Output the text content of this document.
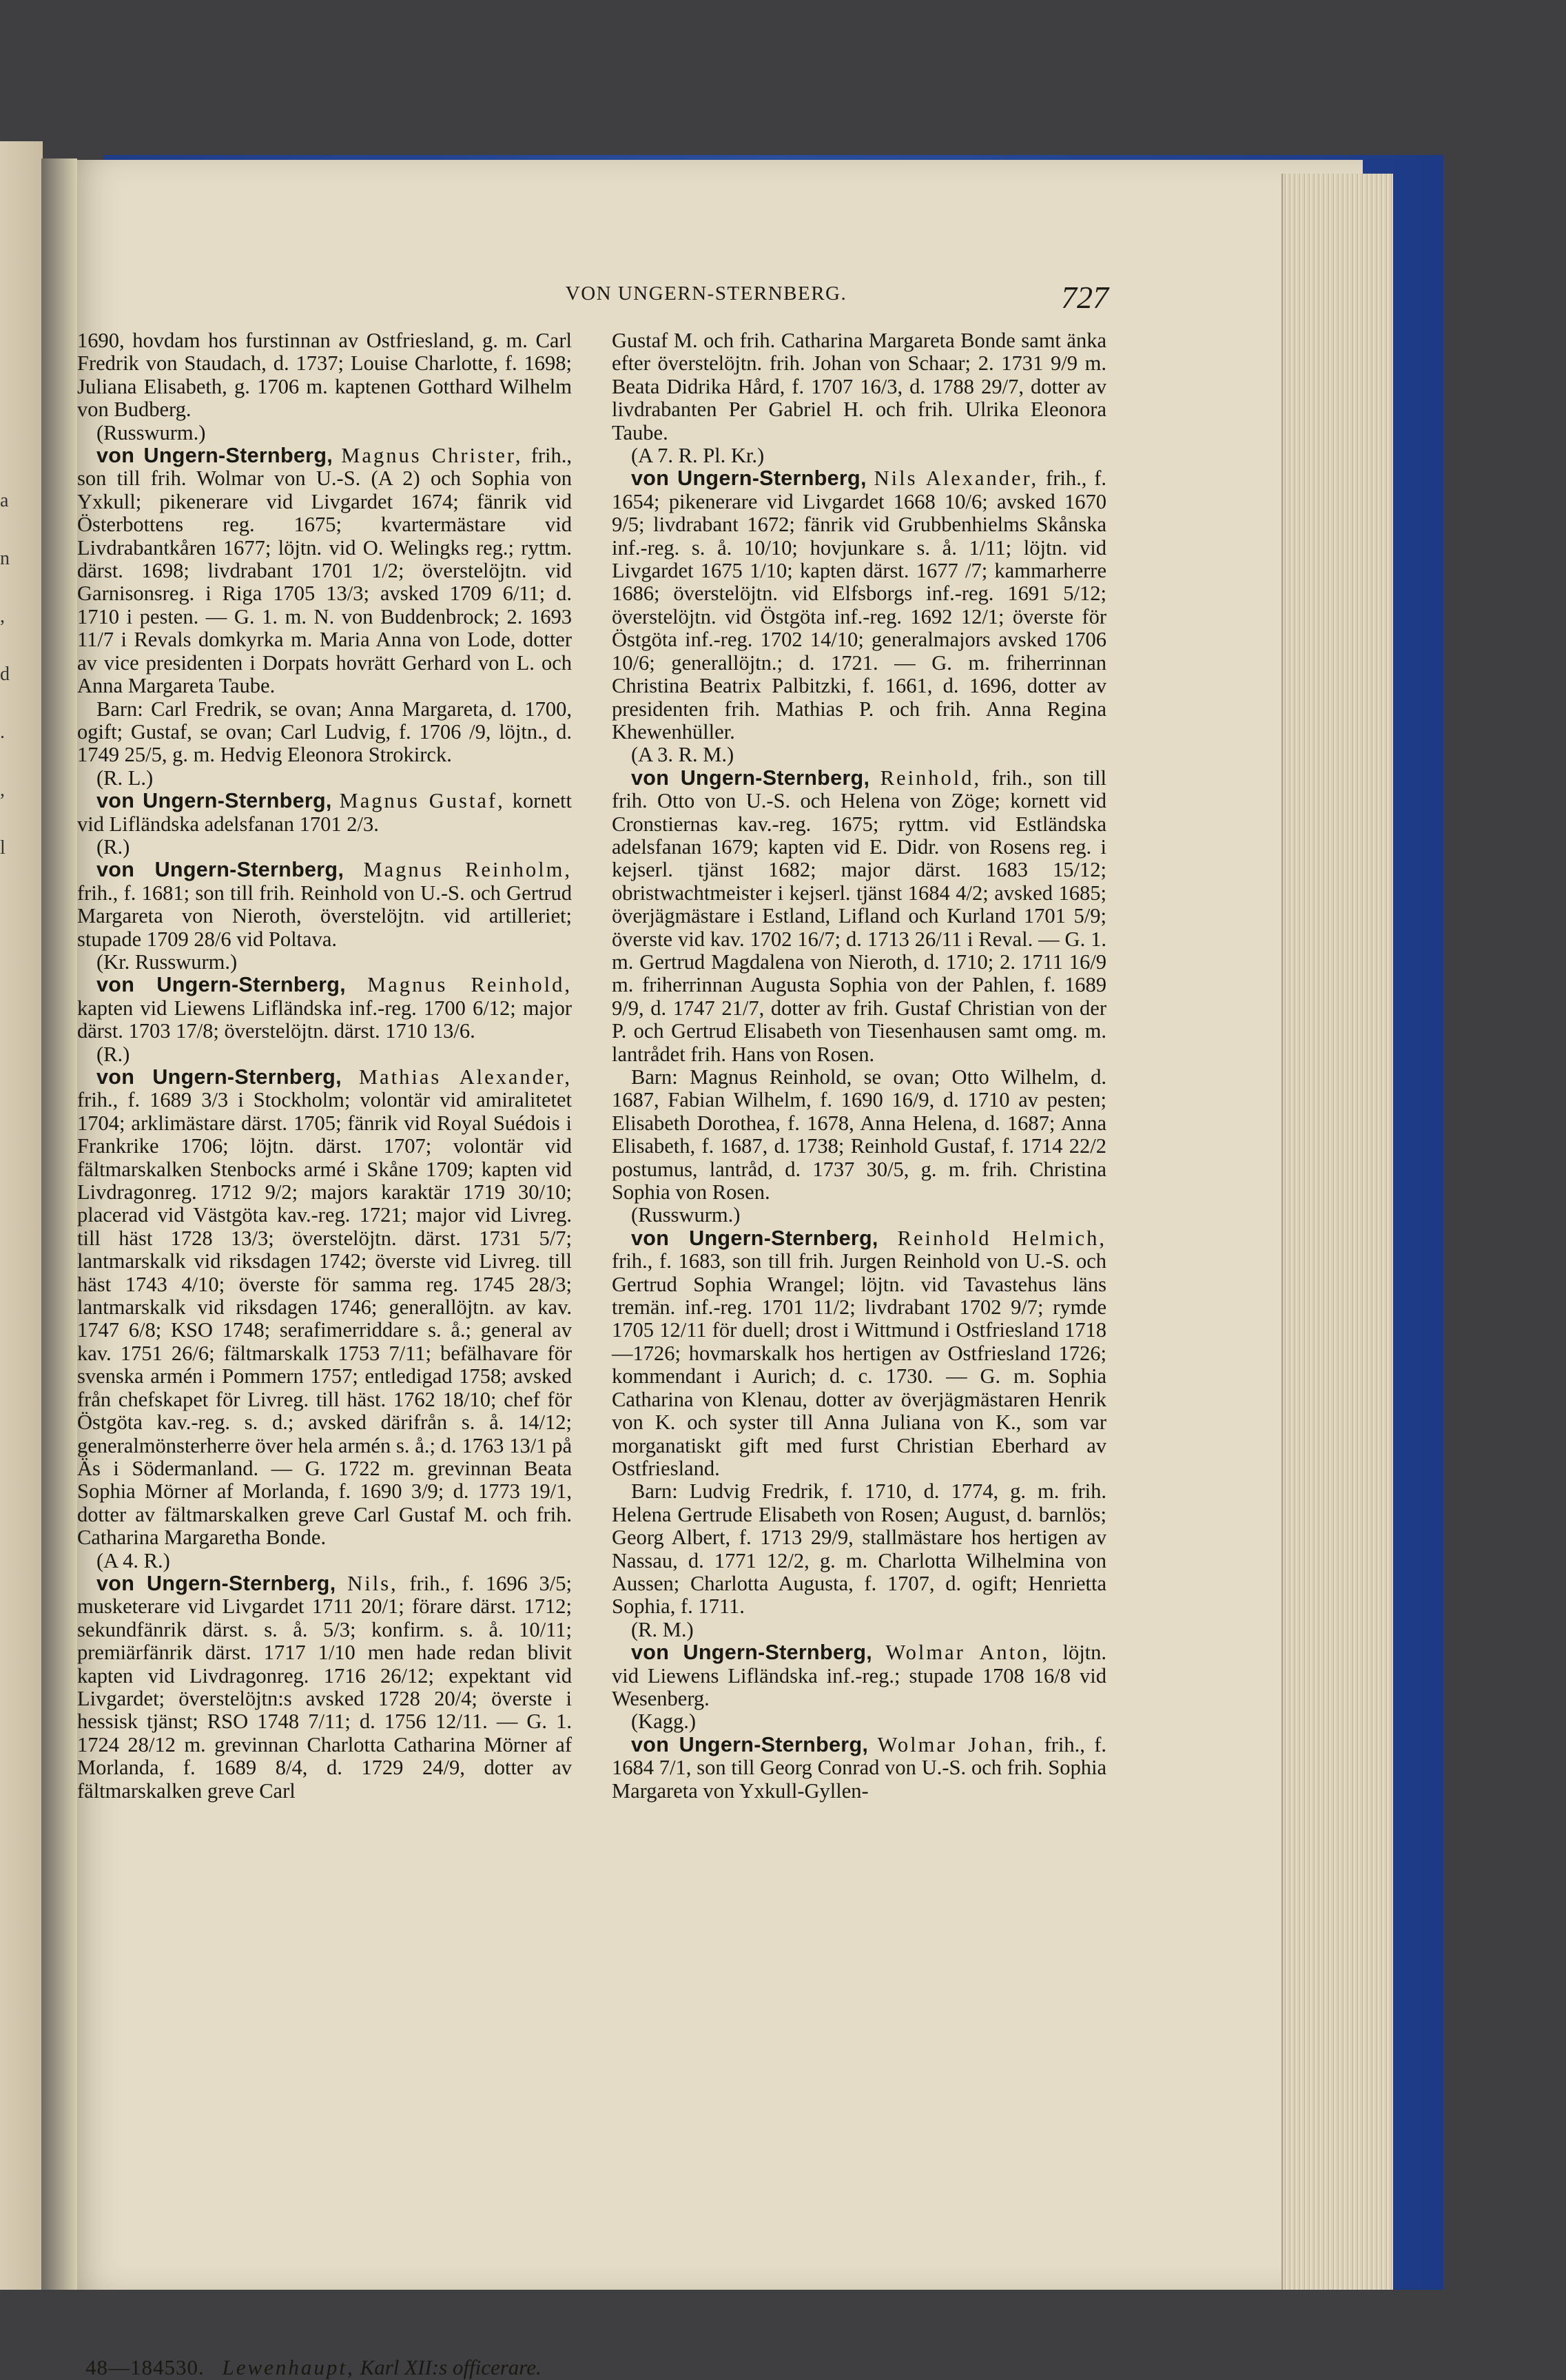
a
n
,
d
.
,
l
VON UNGERN-STERNBERG.	727

1690, hovdam hos furstinnan av Ostfriesland, g. m. Carl Fredrik von Staudach, d. 1737; Louise Charlotte, f. 1698; Juliana Elisabeth, g. 1706 m. kaptenen Gotthard Wilhelm von Budberg.

(Russwurm.)

von Ungern-Sternberg, Magnus Christer, frih., son till frih. Wolmar von U.-S. (A 2) och Sophia von Yxkull; pikenerare vid Livgardet 1674; fänrik vid Österbottens reg. 1675; kvartermästare vid Livdrabantkåren 1677; löjtn. vid O. Welingks reg.; ryttm. därst. 1698; livdrabant 1701 1/2; överstelöjtn. vid Garnisonsreg. i Riga 1705 13/3; avsked 1709 6/11; d. 1710 i pesten. — G. 1. m. N. von Buddenbrock; 2. 1693 11/7 i Revals domkyrka m. Maria Anna von Lode, dotter av vice presidenten i Dorpats hovrätt Gerhard von L. och Anna Margareta Taube.

Barn: Carl Fredrik, se ovan; Anna Margareta, d. 1700, ogift; Gustaf, se ovan; Carl Ludvig, f. 1706 /9, löjtn., d. 1749 25/5, g. m. Hedvig Eleonora Strokirck.

(R. L.)

von Ungern-Sternberg, Magnus Gustaf, kornett vid Lifländska adelsfanan 1701 2/3.

(R.)

von Ungern-Sternberg, Magnus Reinholm, frih., f. 1681; son till frih. Reinhold von U.-S. och Gertrud Margareta von Nieroth, överstelöjtn. vid artilleriet; stupade 1709 28/6 vid Poltava.

(Kr. Russwurm.)

von Ungern-Sternberg, Magnus Reinhold, kapten vid Liewens Lifländska inf.-reg. 1700 6/12; major därst. 1703 17/8; överstelöjtn. därst. 1710 13/6.

(R.)

von Ungern-Sternberg, Mathias Alexander, frih., f. 1689 3/3 i Stockholm; volontär vid amiralitetet 1704; arklimästare därst. 1705; fänrik vid Royal Suédois i Frankrike 1706; löjtn. därst. 1707; volontär vid fältmarskalken Stenbocks armé i Skåne 1709; kapten vid Livdragonreg. 1712 9/2; majors karaktär 1719 30/10; placerad vid Västgöta kav.-reg. 1721; major vid Livreg. till häst 1728 13/3; överstelöjtn. därst. 1731 5/7; lantmarskalk vid riksdagen 1742; överste vid Livreg. till häst 1743 4/10; överste för samma reg. 1745 28/3; lantmarskalk vid riksdagen 1746; generallöjtn. av kav. 1747 6/8; KSO 1748; serafimerriddare s. å.; general av kav. 1751 26/6; fältmarskalk 1753 7/11; befälhavare för svenska armén i Pommern 1757; entledigad 1758; avsked från chefskapet för Livreg. till häst. 1762 18/10; chef för Östgöta kav.-reg. s. d.; avsked därifrån s. å. 14/12; generalmönsterherre över hela armén s. å.; d. 1763 13/1 på Äs i Södermanland. — G. 1722 m. grevinnan Beata Sophia Mörner af Morlanda, f. 1690 3/9; d. 1773 19/1, dotter av fältmarskalken greve Carl Gustaf M. och frih. Catharina Margaretha Bonde.

(A 4. R.)

von Ungern-Sternberg, Nils, frih., f. 1696 3/5; musketerare vid Livgardet 1711 20/1; förare därst. 1712; sekundfänrik därst. s. å. 5/3; konfirm. s. å. 10/11; premiärfänrik därst. 1717 1/10 men hade redan blivit kapten vid Livdragonreg. 1716 26/12; expektant vid Livgardet; överstelöjtn:s avsked 1728 20/4; överste i hessisk tjänst; RSO 1748 7/11; d. 1756 12/11. — G. 1. 1724 28/12 m. grevinnan Charlotta Catharina Mörner af Morlanda, f. 1689 8/4, d. 1729 24/9, dotter av fältmarskalken greve Carl

Gustaf M. och frih. Catharina Margareta Bonde samt änka efter överstelöjtn. frih. Johan von Schaar; 2. 1731 9/9 m. Beata Didrika Hård, f. 1707 16/3, d. 1788 29/7, dotter av livdrabanten Per Gabriel H. och frih. Ulrika Eleonora Taube.

(A 7. R. Pl. Kr.)

von Ungern-Sternberg, Nils Alexander, frih., f. 1654; pikenerare vid Livgardet 1668 10/6; avsked 1670 9/5; livdrabant 1672; fänrik vid Grubbenhielms Skånska inf.-reg. s. å. 10/10; hovjunkare s. å. 1/11; löjtn. vid Livgardet 1675 1/10; kapten därst. 1677 /7; kammarherre 1686; överstelöjtn. vid Elfsborgs inf.-reg. 1691 5/12; överstelöjtn. vid Östgöta inf.-reg. 1692 12/1; överste för Östgöta inf.-reg. 1702 14/10; generalmajors avsked 1706 10/6; generallöjtn.; d. 1721. — G. m. friherrinnan Christina Beatrix Palbitzki, f. 1661, d. 1696, dotter av presidenten frih. Mathias P. och frih. Anna Regina Khewenhüller.

(A 3. R. M.)

von Ungern-Sternberg, Reinhold, frih., son till frih. Otto von U.-S. och Helena von Zöge; kornett vid Cronstiernas kav.-reg. 1675; ryttm. vid Estländska adelsfanan 1679; kapten vid E. Didr. von Rosens reg. i kejserl. tjänst 1682; major därst. 1683 15/12; obristwachtmeister i kejserl. tjänst 1684 4/2; avsked 1685; överjägmästare i Estland, Lifland och Kurland 1701 5/9; överste vid kav. 1702 16/7; d. 1713 26/11 i Reval. — G. 1. m. Gertrud Magdalena von Nieroth, d. 1710; 2. 1711 16/9 m. friherrinnan Augusta Sophia von der Pahlen, f. 1689 9/9, d. 1747 21/7, dotter av frih. Gustaf Christian von der P. och Gertrud Elisabeth von Tiesenhausen samt omg. m. lantrådet frih. Hans von Rosen.

Barn: Magnus Reinhold, se ovan; Otto Wilhelm, d. 1687, Fabian Wilhelm, f. 1690 16/9, d. 1710 av pesten; Elisabeth Dorothea, f. 1678, Anna Helena, d. 1687; Anna Elisabeth, f. 1687, d. 1738; Reinhold Gustaf, f. 1714 22/2 postumus, lantråd, d. 1737 30/5, g. m. frih. Christina Sophia von Rosen.

(Russwurm.)

von Ungern-Sternberg, Reinhold Helmich, frih., f. 1683, son till frih. Jurgen Reinhold von U.-S. och Gertrud Sophia Wrangel; löjtn. vid Tavastehus läns tremän. inf.-reg. 1701 11/2; livdrabant 1702 9/7; rymde 1705 12/11 för duell; drost i Wittmund i Ostfriesland 1718—1726; hovmarskalk hos hertigen av Ostfriesland 1726; kommendant i Aurich; d. c. 1730. — G. m. Sophia Catharina von Klenau, dotter av överjägmästaren Henrik von K. och syster till Anna Juliana von K., som var morganatiskt gift med furst Christian Eberhard av Ostfriesland.

Barn: Ludvig Fredrik, f. 1710, d. 1774, g. m. frih. Helena Gertrude Elisabeth von Rosen; August, d. barnlös; Georg Albert, f. 1713 29/9, stallmästare hos hertigen av Nassau, d. 1771 12/2, g. m. Charlotta Wilhelmina von Aussen; Charlotta Augusta, f. 1707, d. ogift; Henrietta Sophia, f. 1711.

(R. M.)

von Ungern-Sternberg, Wolmar Anton, löjtn. vid Liewens Lifländska inf.-reg.; stupade 1708 16/8 vid Wesenberg.

(Kagg.)

von Ungern-Sternberg, Wolmar Johan, frih., f. 1684 7/1, son till Georg Conrad von U.-S. och frih. Sophia Margareta von Yxkull-Gyllen-

48—184530. Lewenhaupt, Karl XII:s officerare.
